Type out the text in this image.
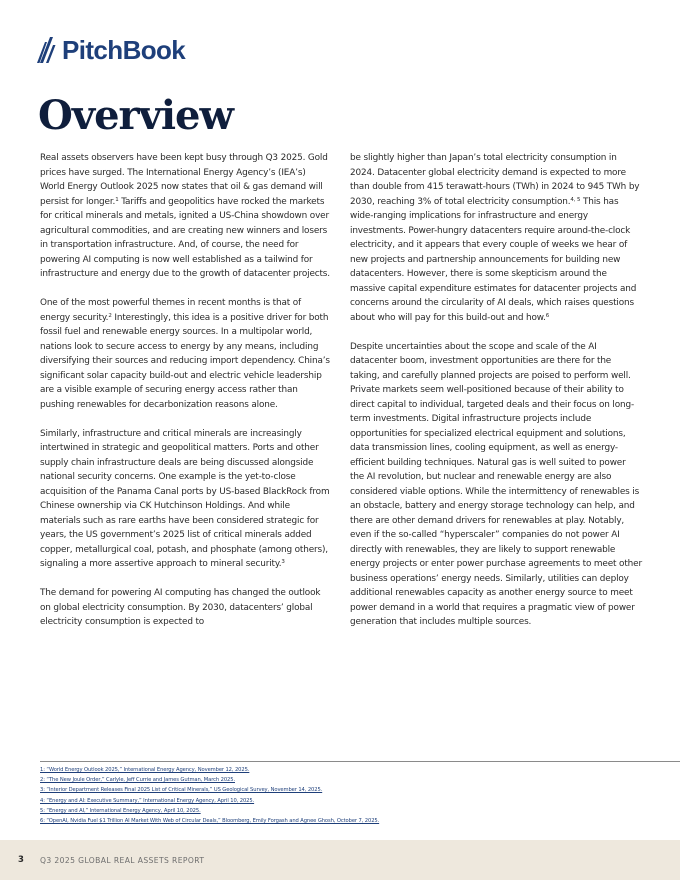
PitchBook
Overview

Real assets observers have been kept busy through Q3 2025. Gold prices have surged. The International Energy Agency’s (IEA’s) World Energy Outlook 2025 now states that oil & gas demand will persist for longer.$^1$ Tariffs and geopolitics have rocked the markets for critical minerals and metals, ignited a US-China showdown over agricultural commodities, and are creating new winners and losers in transportation infrastructure. And, of course, the need for powering AI computing is now well established as a tailwind for infrastructure and energy due to the growth of datacenter projects.

One of the most powerful themes in recent months is that of energy security.$^2$ Interestingly, this idea is a positive driver for both fossil fuel and renewable energy sources. In a multipolar world, nations look to secure access to energy by any means, including diversifying their sources and reducing import dependency. China’s significant solar capacity build-out and electric vehicle leadership are a visible example of securing energy access rather than pushing renewables for decarbonization reasons alone.

Similarly, infrastructure and critical minerals are increasingly intertwined in strategic and geopolitical matters. Ports and other supply chain infrastructure deals are being discussed alongside national security concerns. One example is the yet-to-close acquisition of the Panama Canal ports by US-based BlackRock from Chinese ownership via CK Hutchinson Holdings. And while materials such as rare earths have been considered strategic for years, the US government’s 2025 list of critical minerals added copper, metallurgical coal, potash, and phosphate (among others), signaling a more assertive approach to mineral security.$^3$

The demand for powering AI computing has changed the outlook on global electricity consumption. By 2030, datacenters’ global electricity consumption is expected to

be slightly higher than Japan’s total electricity consumption in 2024. Datacenter global electricity demand is expected to more than double from 415 terawatt-hours (TWh) in 2024 to 945 TWh by 2030, reaching 3% of total electricity consumption.$^{4, 5}$ This has wide-ranging implications for infrastructure and energy investments. Power-hungry datacenters require around-the-clock electricity, and it appears that every couple of weeks we hear of new projects and partnership announcements for building new datacenters. However, there is some skepticism around the massive capital expenditure estimates for datacenter projects and concerns around the circularity of AI deals, which raises questions about who will pay for this build-out and how.$^6$

Despite uncertainties about the scope and scale of the AI datacenter boom, investment opportunities are there for the taking, and carefully planned projects are poised to perform well. Private markets seem well-positioned because of their ability to direct capital to individual, targeted deals and their focus on long-term investments. Digital infrastructure projects include opportunities for specialized electrical equipment and solutions, data transmission lines, cooling equipment, as well as energy-efficient building techniques. Natural gas is well suited to power the AI revolution, but nuclear and renewable energy are also considered viable options. While the intermittency of renewables is an obstacle, battery and energy storage technology can help, and there are other demand drivers for renewables at play. Notably, even if the so-called “hyperscaler” companies do not power AI directly with renewables, they are likely to support renewable energy projects or enter power purchase agreements to meet other business operations’ energy needs. Similarly, utilities can deploy additional renewables capacity as another energy source to meet power demand in a world that requires a pragmatic view of power generation that includes multiple sources.

1: “World Energy Outlook 2025,” International Energy Agency, November 12, 2025.
2: “The New Joule Order,” Carlyle, Jeff Currie and James Gutman, March 2025.
3: “Interior Department Releases Final 2025 List of Critical Minerals,” US Geological Survey, November 14, 2025.
4: “Energy and AI: Executive Summary,” International Energy Agency, April 10, 2025.
5: “Energy and AI,” International Energy Agency, April 10, 2025.
6: “OpenAI, Nvidia Fuel $1 Trillion AI Market With Web of Circular Deals,” Bloomberg, Emily Forgash and Agnee Ghosh, October 7, 2025.
3 Q3 2025 GLOBAL REAL ASSETS REPORT
